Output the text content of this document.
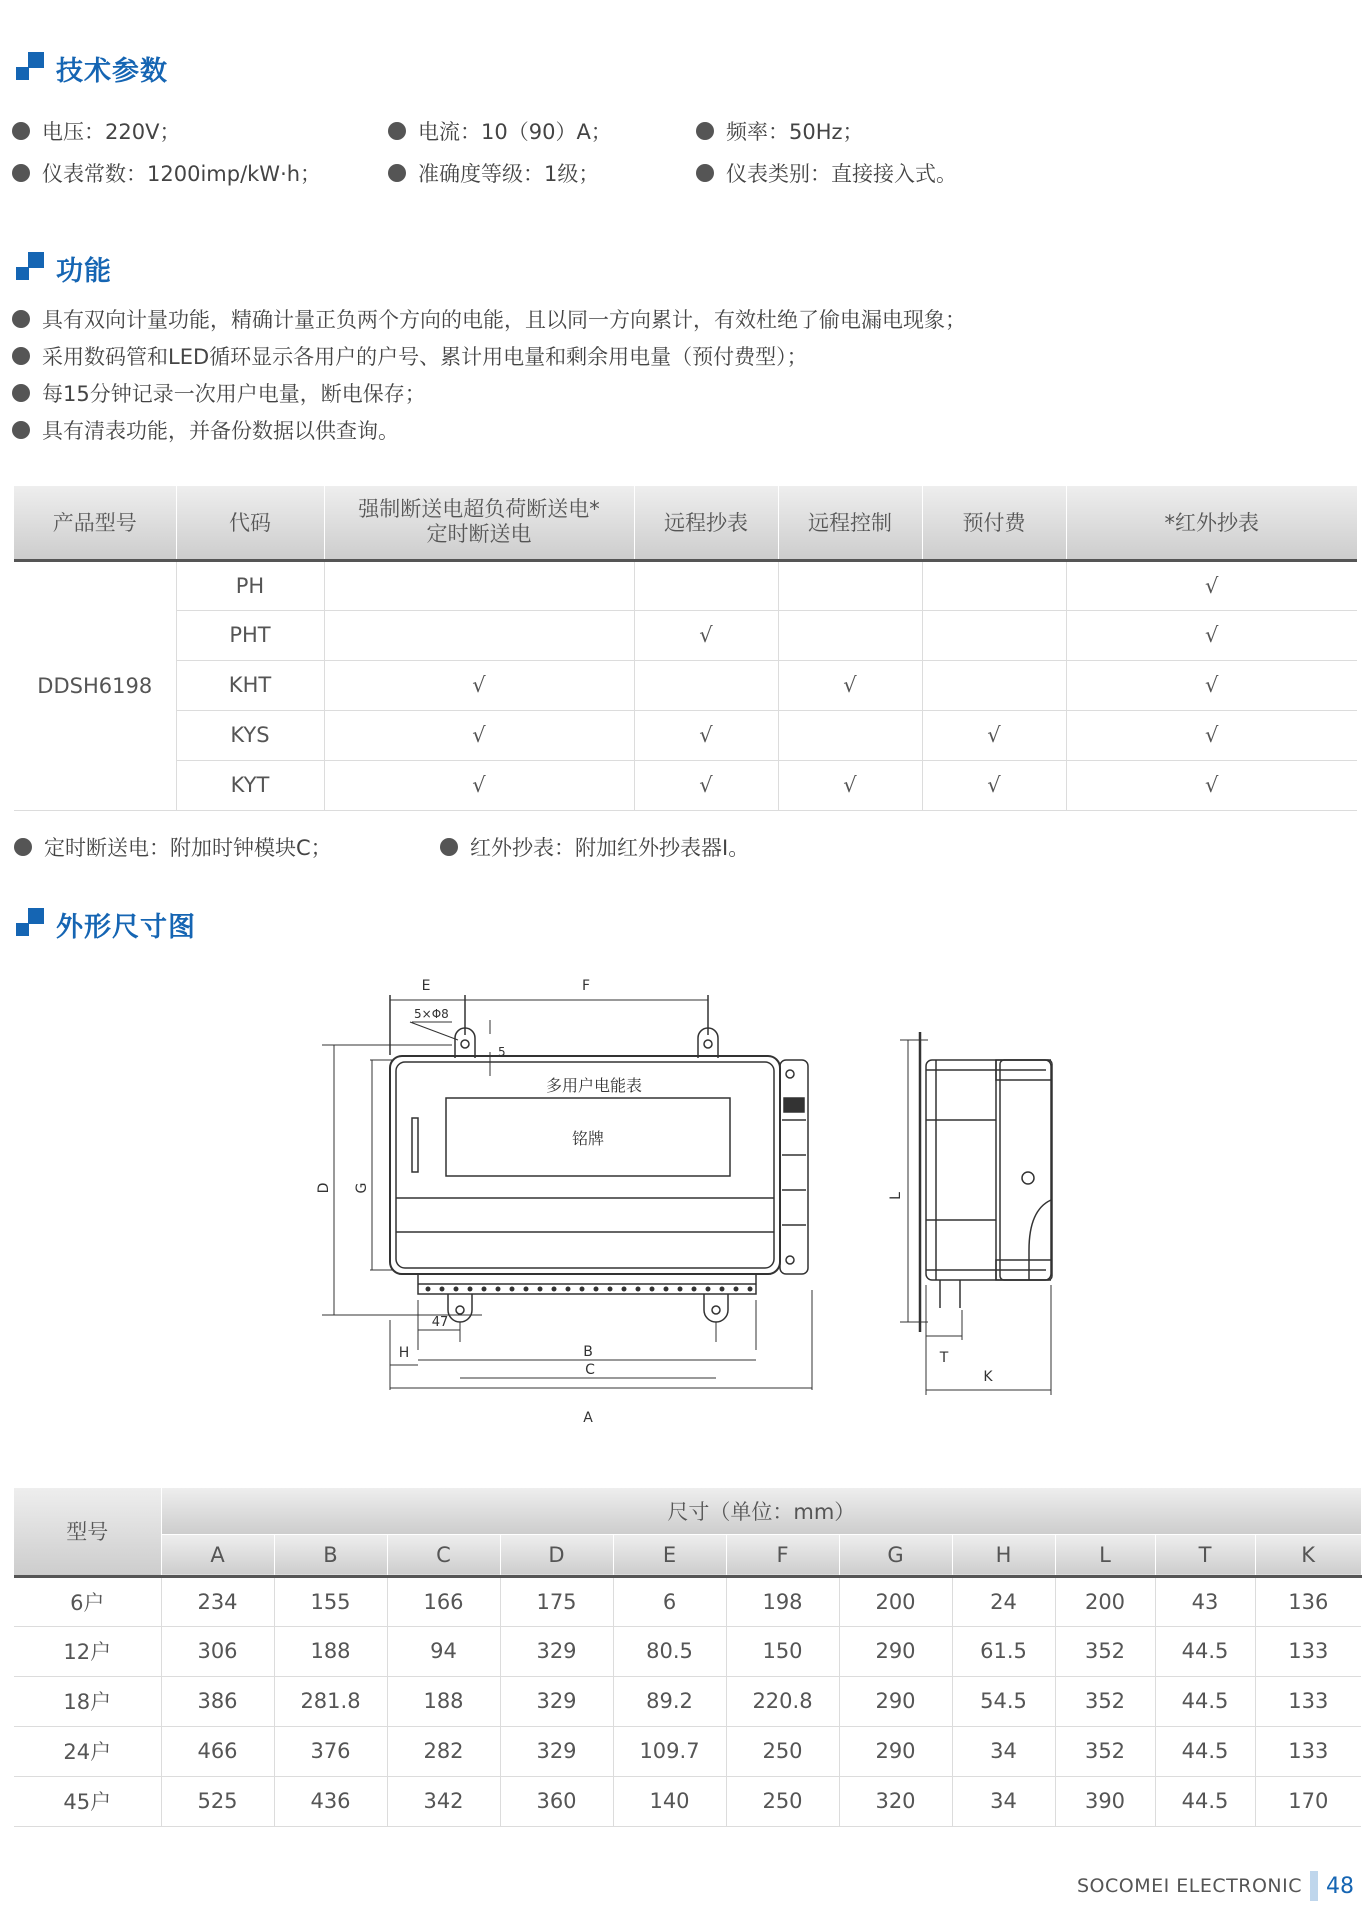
技术参数
电压：220V；	电流：10（90）A；	频率：50Hz；
仪表常数：1200imp/kW·h；	准确度等级：1级；	仪表类别：直接接入式。
功能
具有双向计量功能，精确计量正负两个方向的电能，且以同一方向累计，有效杜绝了偷电漏电现象；
采用数码管和LED循环显示各用户的户号、累计用电量和剩余用电量（预付费型）；
每15分钟记录一次用户电量，断电保存；
具有清表功能，并备份数据以供查询。
产品型号	代码	强制断送电超负荷断送电*
定时断送电	远程抄表	远程控制	预付费	*红外抄表
DDSH6198	PH					√
	PHT		√			√
	KHT	√		√		√
	KYS	√	√		√	√
	KYT	√	√	√	√	√
定时断送电：附加时钟模块C；	红外抄表：附加红外抄表器I。
外形尺寸图
E	F
5×Φ8
5
多用户电能表
铭牌
D G
47
H
C
B
A
L
T
K
型号	尺寸（单位：mm）										
	A	B	C	D	E	F	G	H	L	T	K
6户	234	155	166	175	6	198	200	24	200	43	136
12户	306	188	94	329	80.5	150	290	61.5	352	44.5	133
18户	386	281.8	188	329	89.2	220.8	290	54.5	352	44.5	133
24户	466	376	282	329	109.7	250	290	34	352	44.5	133
45户	525	436	342	360	140	250	320	34	390	44.5	170
SOCOMEI ELECTRONIC 48
